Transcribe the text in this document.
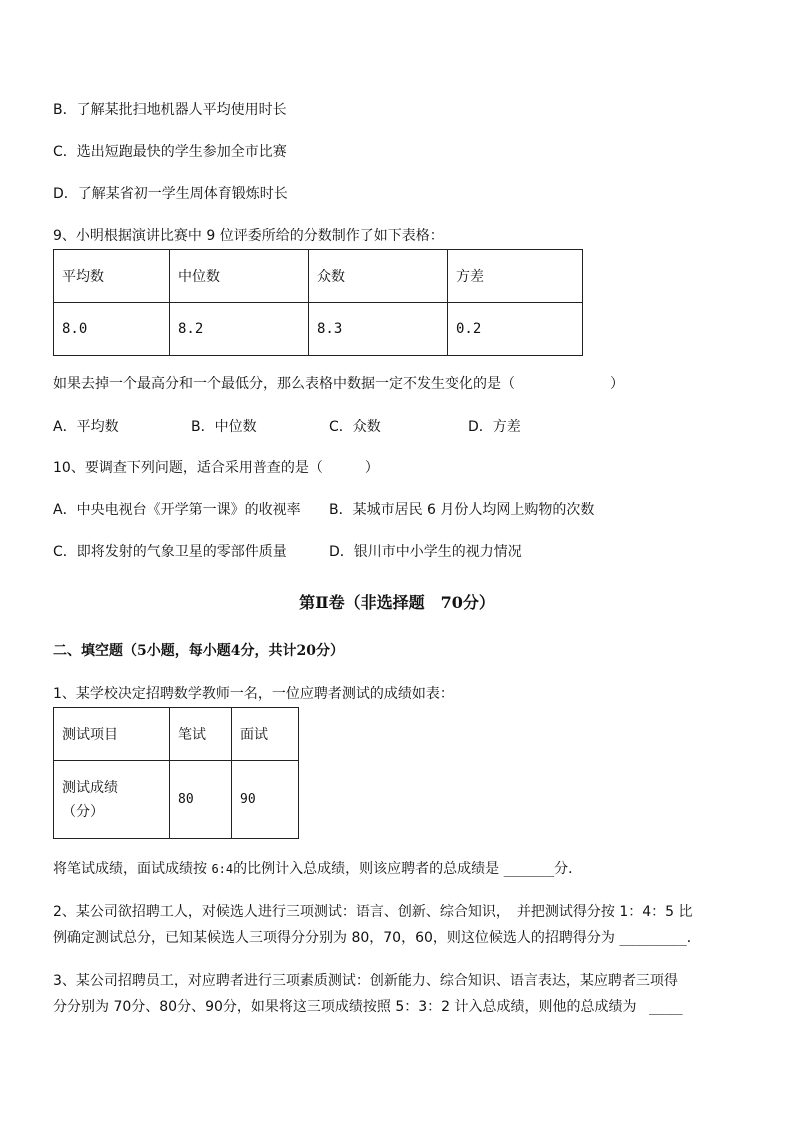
B．了解某批扫地机器人平均使用时长
C．选出短跑最快的学生参加全市比赛
D．了解某省初一学生周体育锻炼时长
9、小明根据演讲比赛中 9 位评委所给的分数制作了如下表格：
平均数	中位数	众数	方差
8.0	8.2	8.3	0.2
如果去掉一个最高分和一个最低分，那么表格中数据一定不发生变化的是（	）
A．平均数	B．中位数	C．众数	D．方差
10、要调查下列问题，适合采用普查的是（	）
A．中央电视台《开学第一课》的收视率 B．某城市居民 6 月份人均网上购物的次数
C．即将发射的气象卫星的零部件质量	D．银川市中小学生的视力情况
第Ⅱ卷（非选择题　70分）
二、填空题（5小题，每小题4分，共计20分）
1、某学校决定招聘数学教师一名，一位应聘者测试的成绩如表：
测试项目	笔试	面试

测试成绩
（分）	80	90
将笔试成绩，面试成绩按 6:4的比例计入总成绩，则该应聘者的总成绩是 ______分．
2、某公司欲招聘工人，对候选人进行三项测试：语言、创新、综合知识，　并把测试得分按 1：4：5 比
例确定测试总分，已知某候选人三项得分分别为 80，70，60，则这位候选人的招聘得分为 ________．
3、某公司招聘员工，对应聘者进行三项素质测试：创新能力、综合知识、语言表达，某应聘者三项得
分分别为 70分、80分、90分，如果将这三项成绩按照 5：3：2 计入总成绩，则他的总成绩为 ____
